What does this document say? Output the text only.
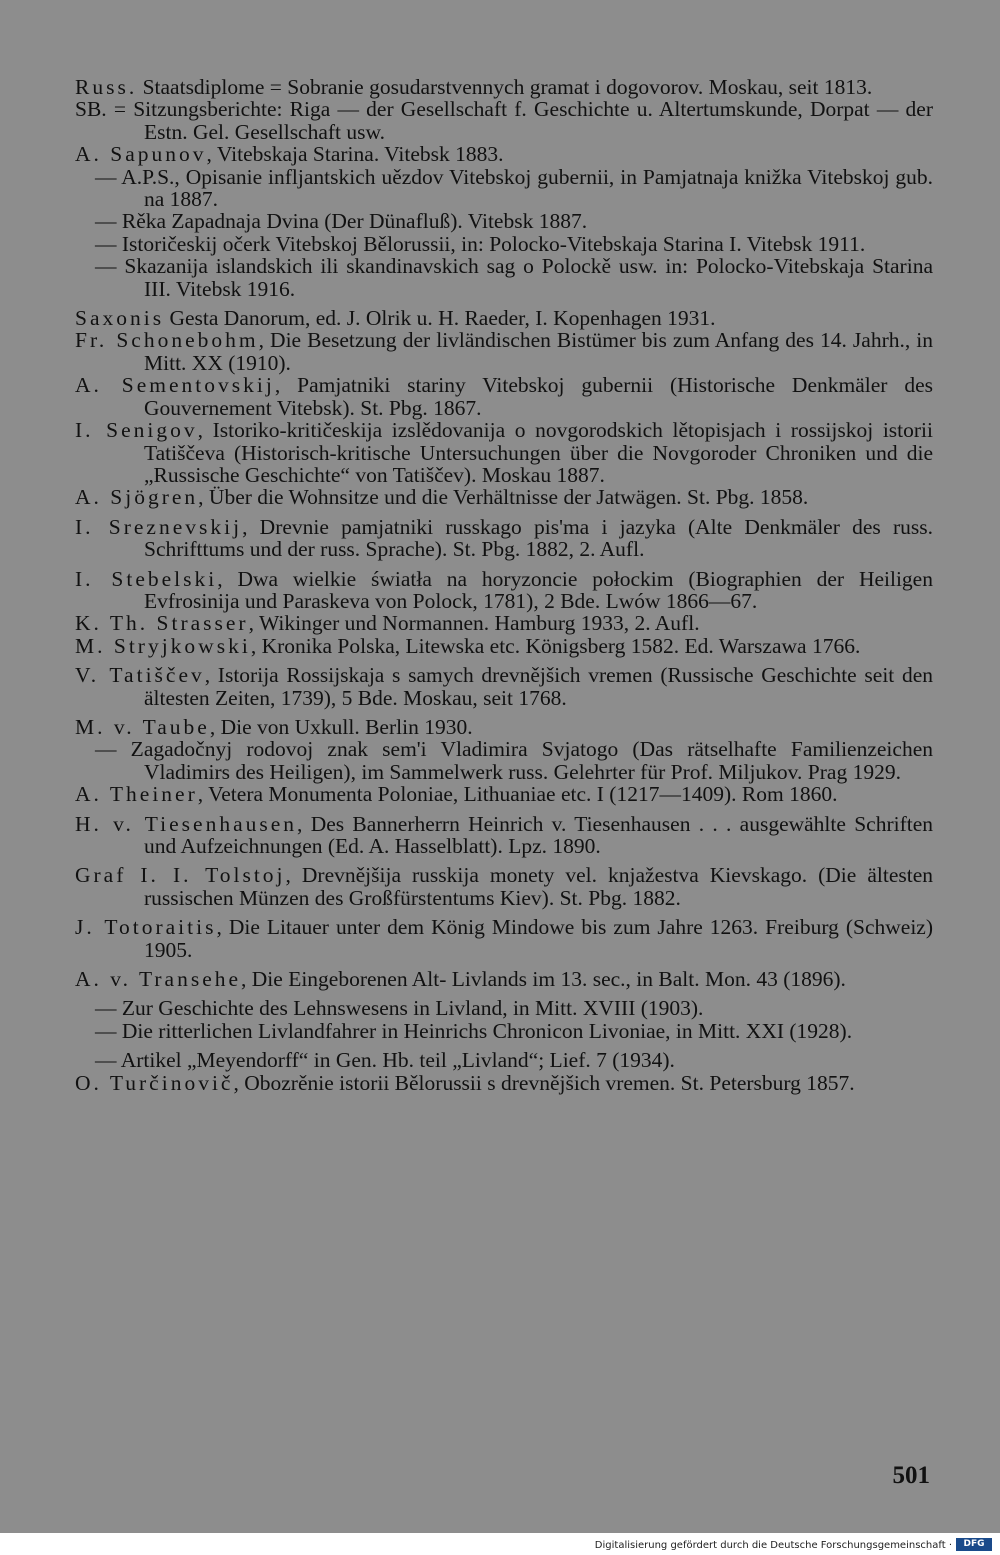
Russ. Staatsdiplome = Sobranie gosudarstvennych gramat i dogovorov. Moskau, seit 1813.
SB. = Sitzungsberichte: Riga — der Gesellschaft f. Geschichte u. Altertumskunde, Dorpat — der Estn. Gel. Gesellschaft usw.
A. Sapunov, Vitebskaja Starina. Vitebsk 1883.
— A.P.S., Opisanie infljantskich uězdov Vitebskoj gubernii, in Pamjatnaja knižka Vitebskoj gub. na 1887.
— Rěka Zapadnaja Dvina (Der Dünafluß). Vitebsk 1887.
— Istoričeskij očerk Vitebskoj Bělorussii, in: Polocko-Vitebskaja Starina I. Vitebsk 1911.
— Skazanija islandskich ili skandinavskich sag o Polockě usw. in: Polocko-Vitebskaja Starina III. Vitebsk 1916.
Saxonis Gesta Danorum, ed. J. Olrik u. H. Raeder, I. Kopenhagen 1931.
Fr. Schonebohm, Die Besetzung der livländischen Bistümer bis zum Anfang des 14. Jahrh., in Mitt. XX (1910).
A. Sementovskij, Pamjatniki stariny Vitebskoj gubernii (Historische Denkmäler des Gouvernement Vitebsk). St. Pbg. 1867.
I. Senigov, Istoriko-kritičeskija izslědovanija o novgorodskich lětopisjach i rossijskoj istorii Tatiščeva (Historisch-kritische Untersuchungen über die Novgoroder Chroniken und die „Russische Geschichte“ von Tatiščev). Moskau 1887.
A. Sjögren, Über die Wohnsitze und die Verhältnisse der Jatwägen. St. Pbg. 1858.
I. Sreznevskij, Drevnie pamjatniki russkago pis'ma i jazyka (Alte Denkmäler des russ. Schrifttums und der russ. Sprache). St. Pbg. 1882, 2. Aufl.
I. Stebelski, Dwa wielkie światła na horyzoncie połockim (Biographien der Heiligen Evfrosinija und Paraskeva von Polock, 1781), 2 Bde. Lwów 1866—67.
K. Th. Strasser, Wikinger und Normannen. Hamburg 1933, 2. Aufl.
M. Stryjkowski, Kronika Polska, Litewska etc. Königsberg 1582. Ed. Warszawa 1766.
V. Tatiščev, Istorija Rossijskaja s samych drevnějšich vremen (Russische Geschichte seit den ältesten Zeiten, 1739), 5 Bde. Moskau, seit 1768.
M. v. Taube, Die von Uxkull. Berlin 1930.
— Zagadočnyj rodovoj znak sem'i Vladimira Svjatogo (Das rätselhafte Familienzeichen Vladimirs des Heiligen), im Sammelwerk russ. Gelehrter für Prof. Miljukov. Prag 1929.
A. Theiner, Vetera Monumenta Poloniae, Lithuaniae etc. I (1217—1409). Rom 1860.
H. v. Tiesenhausen, Des Bannerherrn Heinrich v. Tiesenhausen . . . ausgewählte Schriften und Aufzeichnungen (Ed. A. Hasselblatt). Lpz. 1890.
Graf I. I. Tolstoj, Drevnějšija russkija monety vel. knjažestva Kievskago. (Die ältesten russischen Münzen des Großfürstentums Kiev). St. Pbg. 1882.
J. Totoraitis, Die Litauer unter dem König Mindowe bis zum Jahre 1263. Freiburg (Schweiz) 1905.
A. v. Transehe, Die Eingeborenen Alt- Livlands im 13. sec., in Balt. Mon. 43 (1896).
— Zur Geschichte des Lehnswesens in Livland, in Mitt. XVIII (1903).
— Die ritterlichen Livlandfahrer in Heinrichs Chronicon Livoniae, in Mitt. XXI (1928).
— Artikel „Meyendorff“ in Gen. Hb. teil „Livland“; Lief. 7 (1934).
O. Turčinovič, Obozrěnie istorii Bělorussii s drevnějšich vremen. St. Petersburg 1857.
501
Digitalisierung gefördert durch die Deutsche Forschungsgemeinschaft ·	DFG
